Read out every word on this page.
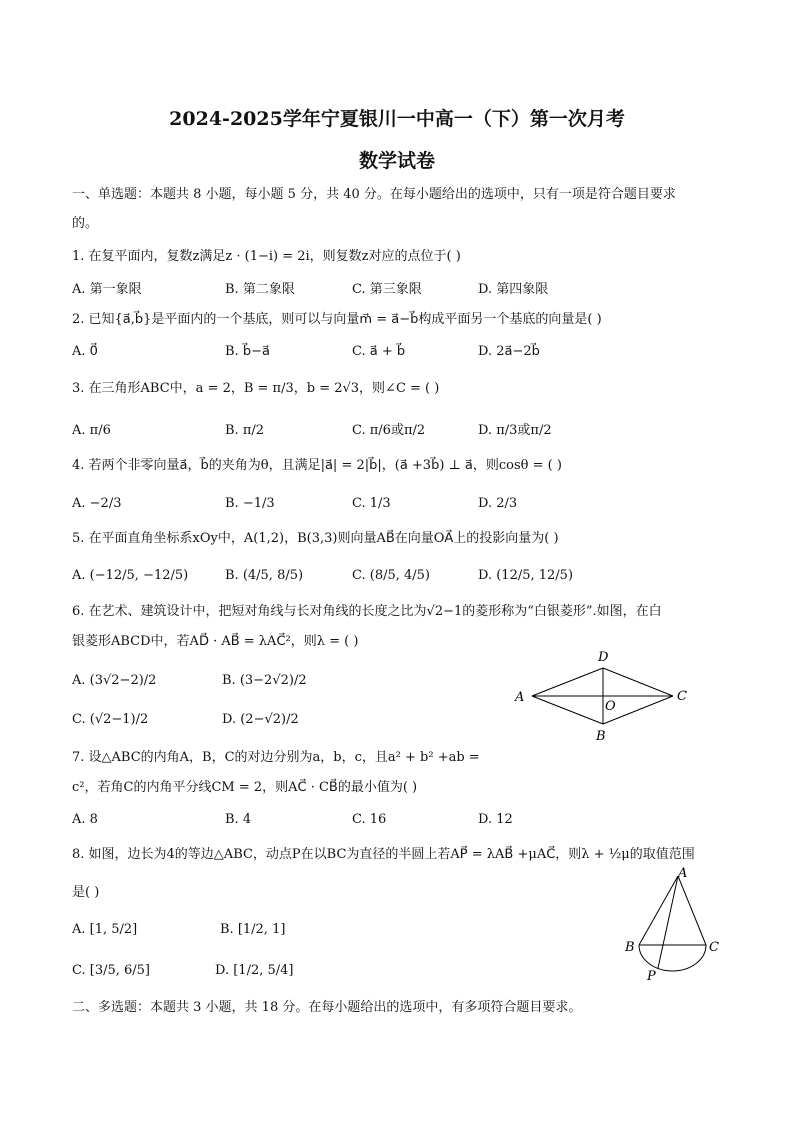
2024-2025学年宁夏银川一中高一（下）第一次月考
数学试卷
一、单选题：本题共 8 小题，每小题 5 分，共 40 分。在每小题给出的选项中，只有一项是符合题目要求
的。
1. 在复平面内，复数z满足z · (1−i) = 2i，则复数z对应的点位于( )
A. 第一象限	B. 第二象限	C. 第三象限	D. 第四象限
2. 已知{a⃗,b⃗}是平面内的一个基底，则可以与向量m⃗ = a⃗−b⃗构成平面另一个基底的向量是( )
A. 0⃗	B. b⃗−a⃗	C. a⃗ + b⃗	D. 2a⃗−2b⃗
3. 在三角形ABC中，a = 2，B = π/3，b = 2√3，则∠C = ( )
A. π/6	B. π/2	C. π/6或π/2	D. π/3或π/2
4. 若两个非零向量a⃗，b⃗的夹角为θ，且满足|a⃗| = 2|b⃗|，(a⃗ +3b⃗) ⊥ a⃗，则cosθ = ( )
A. −2/3	B. −1/3	C. 1/3	D. 2/3
5. 在平面直角坐标系xOy中，A(1,2)，B(3,3)则向量AB⃗在向量OA⃗上的投影向量为( )
A. (−12/5, −12/5)	B. (4/5, 8/5)	C. (8/5, 4/5)	D. (12/5, 12/5)
6. 在艺术、建筑设计中，把短对角线与长对角线的长度之比为√2−1的菱形称为“白银菱形”.如图，在白
银菱形ABCD中，若AD⃗ · AB⃗ = λAC⃗²，则λ = ( )
A. (3√2−2)/2	B. (3−2√2)/2
C. (√2−1)/2	D. (2−√2)/2
D
A	C
O
B
7. 设△ABC的内角A，B，C的对边分别为a，b，c，且a² + b² +ab =
c²，若角C的内角平分线CM = 2，则AC⃗ · CB⃗的最小值为( )
A. 8	B. 4	C. 16	D. 12
8. 如图，边长为4的等边△ABC，动点P在以BC为直径的半圆上若AP⃗ = λAB⃗ +μAC⃗，则λ + ½μ的取值范围
是( )
A. [1, 5/2]	B. [1/2, 1]
C. [3/5, 6/5]	D. [1/2, 5/4]
A
B	C
P
二、多选题：本题共 3 小题，共 18 分。在每小题给出的选项中，有多项符合题目要求。
